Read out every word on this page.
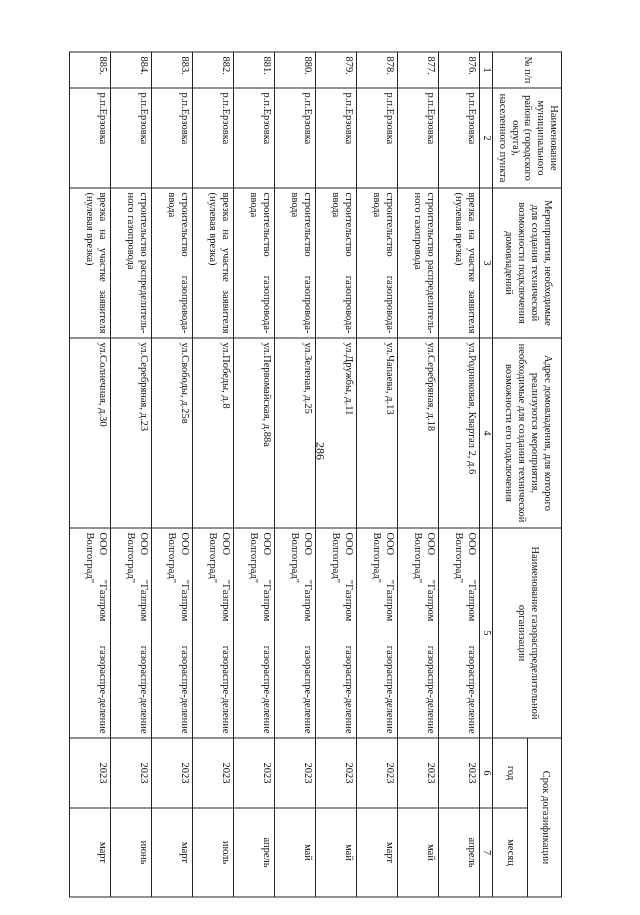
286
№ п/п	Наименование муниципального района (городского округа), населенного пункта	Мероприятия, необходимые для создания технической возможности подключения домовладений	Адрес домовладения, для которого реализуются мероприятия, необходимые для создания технической возможности его подключения	Наименование газораспределительной организации	Срок догазификации	
					год	месяц
1	2	3	4	5	6	7
876.	р.п.Ерзовка	врезка на участке заявителя (нулевая врезка)	ул.Родниковая, Квартал 2, д.6	ООО "Газпром газораспре-деление Волгоград"	2023	апрель
877.	р.п.Ерзовка	строительство распределитель-ного газопровода	ул.Серебряная, д.18	ООО "Газпром газораспре-деление Волгоград"	2023	май
878.	р.п.Ерзовка	строительство газопровода-ввода	ул.Чапаева, д.13	ООО "Газпром газораспре-деление Волгоград"	2023	март
879.	р.п.Ерзовка	строительство газопровода-ввода	ул.Дружбы, д.11	ООО "Газпром газораспре-деление Волгоград"	2023	май
880.	р.п.Ерзовка	строительство газопровода-ввода	ул.Зеленая, д.25	ООО "Газпром газораспре-деление Волгоград"	2023	май
881.	р.п.Ерзовка	строительство газопровода-ввода	ул.Первомайская, д.88а	ООО "Газпром газораспре-деление Волгоград"	2023	апрель
882.	р.п.Ерзовка	врезка на участке заявителя (нулевая врезка)	ул.Победы, д.8	ООО "Газпром газораспре-деление Волгоград"	2023	июль
883.	р.п.Ерзовка	строительство газопровода-ввода	ул.Свободы, д.25в	ООО "Газпром газораспре-деление Волгоград"	2023	март
884.	р.п.Ерзовка	строительство распределитель-ного газопровода	ул.Серебряная, д.23	ООО "Газпром газораспре-деление Волгоград"	2023	июнь
885.	р.п.Ерзовка	врезка на участке заявителя (нулевая врезка)	ул.Солнечная, д.30	ООО "Газпром газораспре-деление Волгоград"	2023	март
